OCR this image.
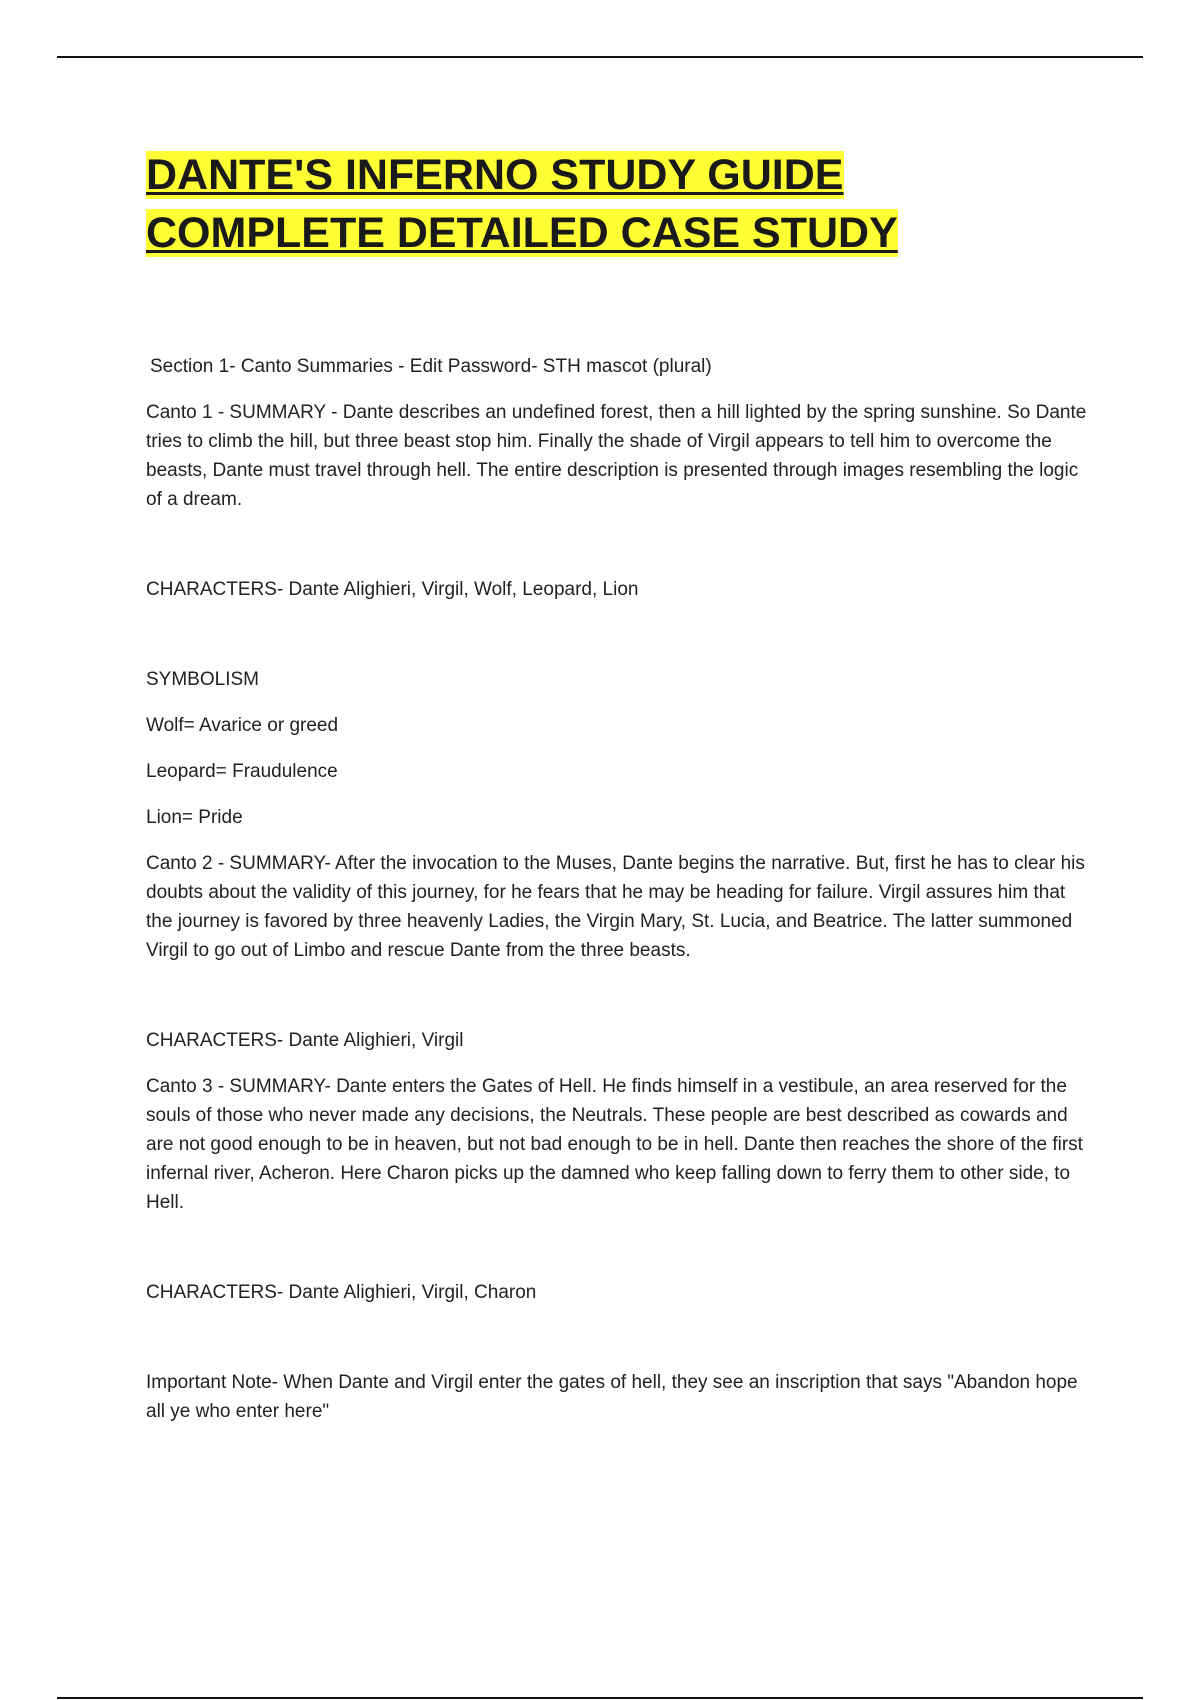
DANTE'S INFERNO STUDY GUIDE
COMPLETE DETAILED CASE STUDY

Section 1- Canto Summaries - Edit Password- STH mascot (plural)

Canto 1 - SUMMARY - Dante describes an undefined forest, then a hill lighted by the spring sunshine. So Dante tries to climb the hill, but three beast stop him. Finally the shade of Virgil appears to tell him to overcome the beasts, Dante must travel through hell. The entire description is presented through images resembling the logic of a dream.

CHARACTERS- Dante Alighieri, Virgil, Wolf, Leopard, Lion

SYMBOLISM

Wolf= Avarice or greed

Leopard= Fraudulence

Lion= Pride

Canto 2 - SUMMARY- After the invocation to the Muses, Dante begins the narrative. But, first he has to clear his doubts about the validity of this journey, for he fears that he may be heading for failure. Virgil assures him that the journey is favored by three heavenly Ladies, the Virgin Mary, St. Lucia, and Beatrice. The latter summoned Virgil to go out of Limbo and rescue Dante from the three beasts.

CHARACTERS- Dante Alighieri, Virgil

Canto 3 - SUMMARY- Dante enters the Gates of Hell. He finds himself in a vestibule, an area reserved for the souls of those who never made any decisions, the Neutrals. These people are best described as cowards and are not good enough to be in heaven, but not bad enough to be in hell. Dante then reaches the shore of the first infernal river, Acheron. Here Charon picks up the damned who keep falling down to ferry them to other side, to Hell.

CHARACTERS- Dante Alighieri, Virgil, Charon

Important Note- When Dante and Virgil enter the gates of hell, they see an inscription that says "Abandon hope all ye who enter here"
